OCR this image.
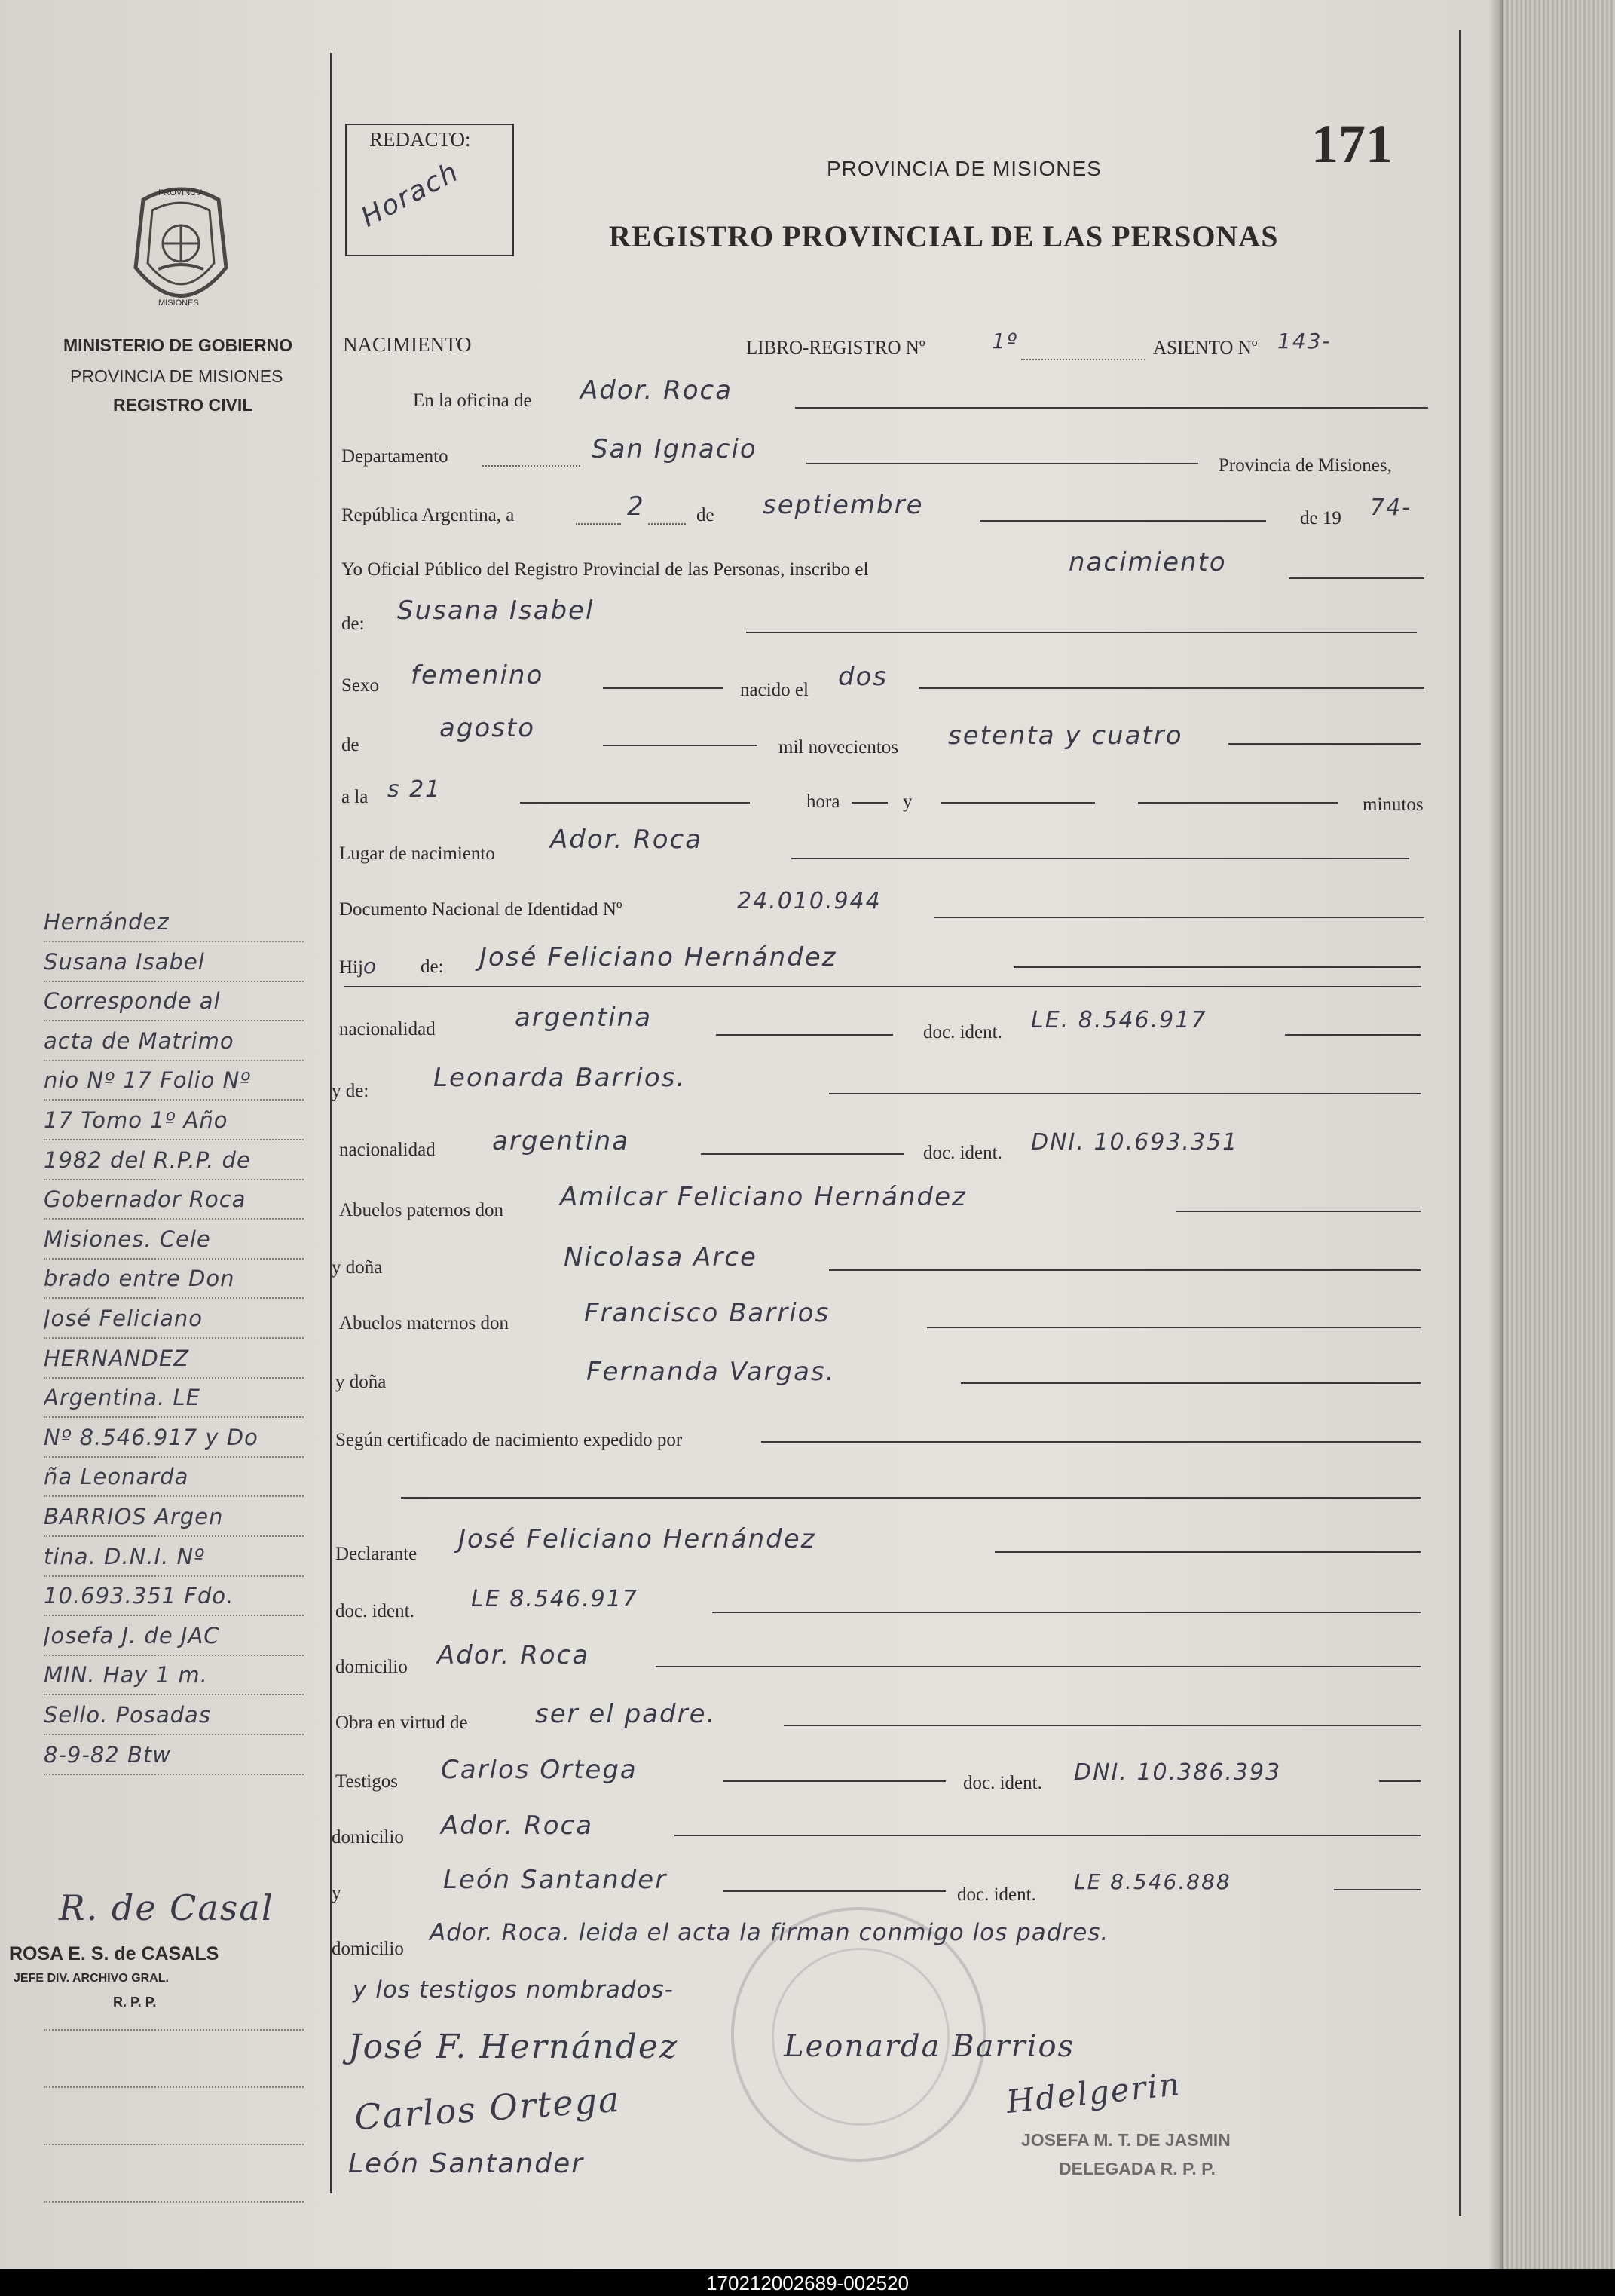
REDACTO:
Horach
171
PROVINCIA DE MISIONES
REGISTRO PROVINCIAL DE LAS PERSONAS
PROVINCIA
MISIONES
MINISTERIO DE GOBIERNO
PROVINCIA DE MISIONES
REGISTRO CIVIL
NACIMIENTO	LIBRO-REGISTRO Nº	1º	ASIENTO Nº 143-
En la oficina de Ador. Roca
Departamento	San Ignacio
Provincia de Misiones,
República Argentina, a	2	de septiembre	de 19 74-
Yo Oficial Público del Registro Provincial de las Personas, inscribo el	nacimiento
de: Susana Isabel
Sexo femenino	nacido el dos
de
agosto
mil novecientos setenta y cuatro
a la s 21	hora	y	minutos
Lugar de nacimiento Ador. Roca
Documento Nacional de Identidad Nº	24.010.944
Hijo de: José Feliciano Hernández
nacionalidad	argentina	doc. ident. LE. 8.546.917
y de:	Leonarda Barrios.
nacionalidad argentina	doc. ident. DNI. 10.693.351
Abuelos paternos don Amilcar Feliciano Hernández
y doña	Nicolasa Arce
Abuelos maternos don	Francisco Barrios
y doña	Fernanda Vargas.
Según certificado de nacimiento expedido por
Declarante José Feliciano Hernández
doc. ident.	LE 8.546.917
domicilio Ador. Roca
Obra en virtud de	ser el padre.
Testigos Carlos Ortega	doc. ident. DNI. 10.386.393
domicilio Ador. Roca
y	León Santander	doc. ident.
LE 8.546.888
domicilio
Ador. Roca. leida el acta la firman conmigo los padres.
y los testigos nombrados-
José F. Hernández	Leonarda Barrios
Carlos Ortega
León Santander
Hdelgerin
JOSEFA M. T. DE JASMIN
DELEGADA R. P. P.
Hernández
Susana Isabel
Corresponde al
acta de Matrimo
nio Nº 17 Folio Nº
17 Tomo 1º Año
1982 del R.P.P. de
Gobernador Roca
Misiones. Cele
brado entre Don
José Feliciano
HERNANDEZ
Argentina. LE
Nº 8.546.917 y Do
ña Leonarda
BARRIOS Argen
tina. D.N.I. Nº
10.693.351 Fdo.
Josefa J. de JAC
MIN. Hay 1 m.
Sello. Posadas
8-9-82 Btw
R. de Casal
ROSA E. S. de CASALS
JEFE DIV. ARCHIVO GRAL.
R. P. P.
170212002689-002520
